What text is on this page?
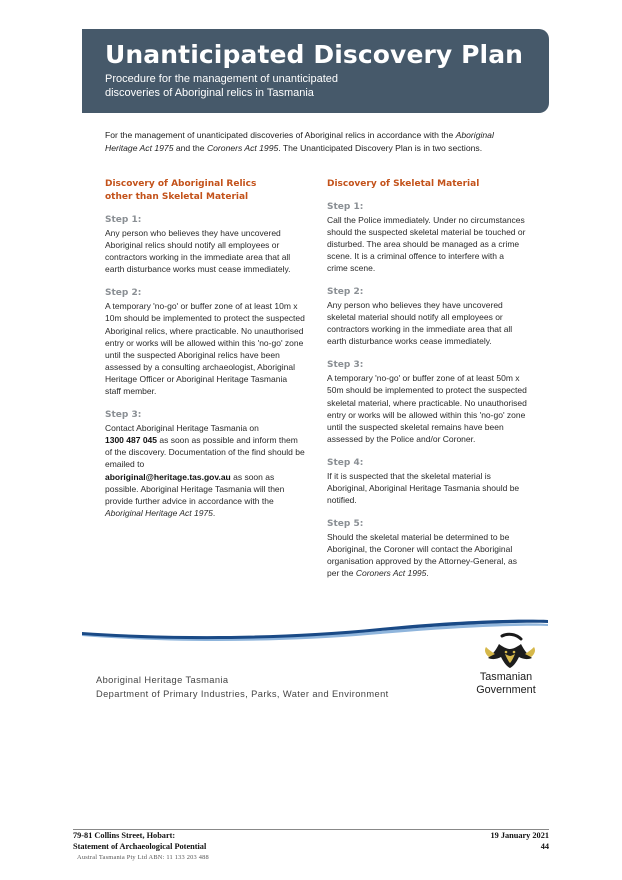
Unanticipated Discovery Plan
Procedure for the management of unanticipated
discoveries of Aboriginal relics in Tasmania
For the management of unanticipated discoveries of Aboriginal relics in accordance with the Aboriginal Heritage Act 1975 and the Coroners Act 1995. The Unanticipated Discovery Plan is in two sections.
Discovery of Aboriginal Relics
other than Skeletal Material
Step 1:
Any person who believes they have uncovered Aboriginal relics should notify all employees or contractors working in the immediate area that all earth disturbance works must cease immediately.
Step 2:
A temporary 'no-go' or buffer zone of at least 10m x 10m should be implemented to protect the suspected Aboriginal relics, where practicable. No unauthorised entry or works will be allowed within this 'no-go' zone until the suspected Aboriginal relics have been assessed by a consulting archaeologist, Aboriginal Heritage Officer or Aboriginal Heritage Tasmania staff member.
Step 3:
Contact Aboriginal Heritage Tasmania on
1300 487 045 as soon as possible and inform them of the discovery. Documentation of the find should be emailed to
aboriginal@heritage.tas.gov.au as soon as possible. Aboriginal Heritage Tasmania will then provide further advice in accordance with the Aboriginal Heritage Act 1975.
Discovery of Skeletal Material
Step 1:
Call the Police immediately. Under no circumstances should the suspected skeletal material be touched or disturbed. The area should be managed as a crime scene. It is a criminal offence to interfere with a crime scene.
Step 2:
Any person who believes they have uncovered skeletal material should notify all employees or contractors working in the immediate area that all earth disturbance works cease immediately.
Step 3:
A temporary 'no-go' or buffer zone of at least 50m x 50m should be implemented to protect the suspected skeletal material, where practicable. No unauthorised entry or works will be allowed within this 'no-go' zone until the suspected skeletal remains have been assessed by the Police and/or Coroner.
Step 4:
If it is suspected that the skeletal material is Aboriginal, Aboriginal Heritage Tasmania should be notified.
Step 5:
Should the skeletal material be determined to be Aboriginal, the Coroner will contact the Aboriginal organisation approved by the Attorney-General, as per the Coroners Act 1995.
Aboriginal Heritage Tasmania
Department of Primary Industries, Parks, Water and Environment
Tasmanian
Government
79-81 Collins Street, Hobart:
Statement of Archaeological Potential
19 January 2021
44
Austral Tasmania Pty Ltd ABN: 11 133 203 488
